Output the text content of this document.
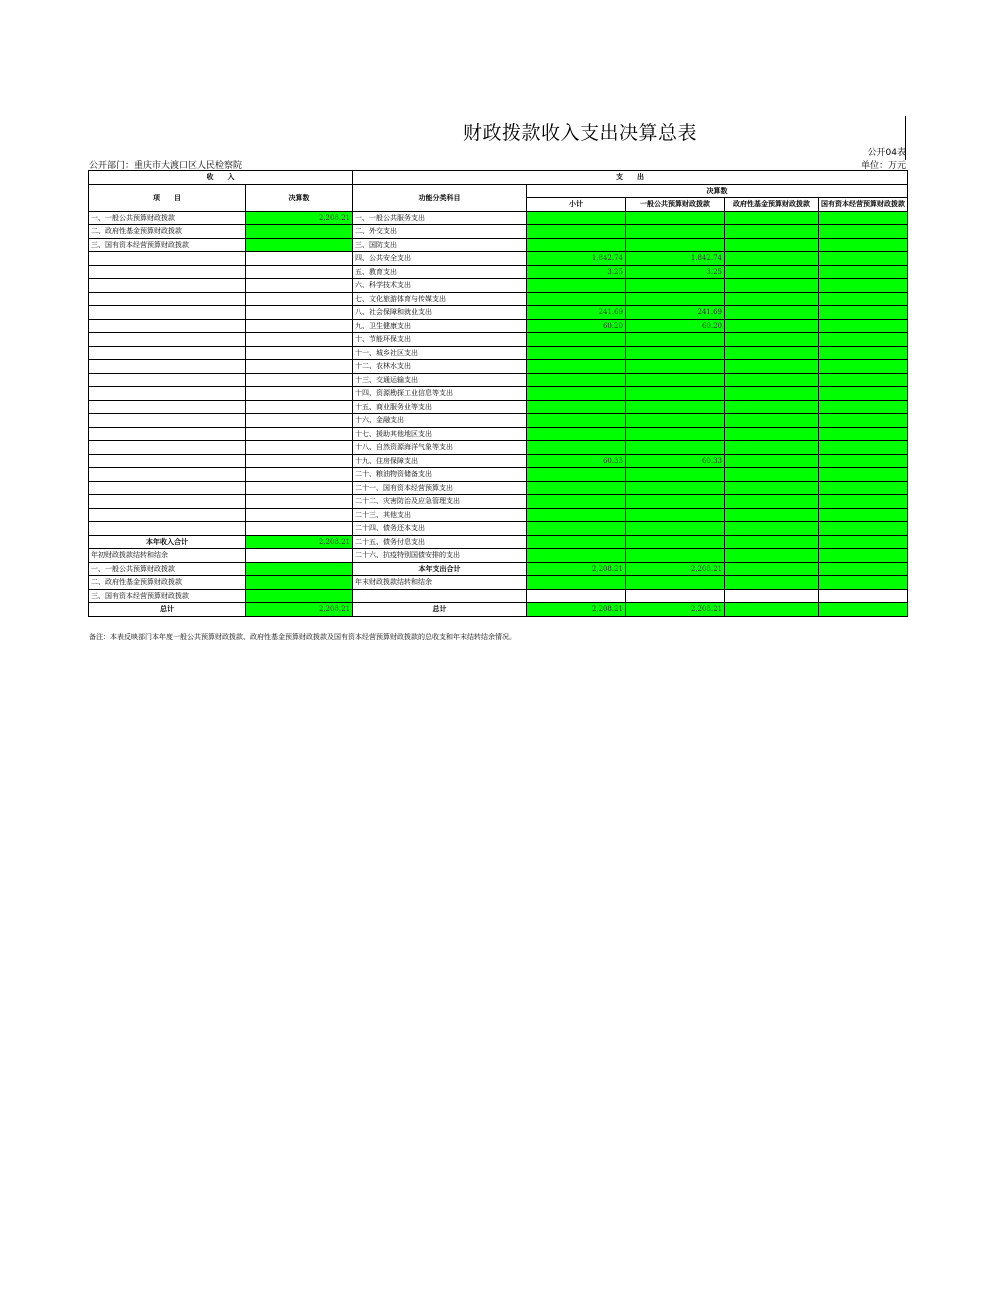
财政拨款收入支出决算总表
公开04表
公开部门：重庆市大渡口区人民检察院	单位：万元
收　　入		支　　出				
项　　目	决算数	功能分类科目	决算数			
			小计	一般公共预算财政拨款	政府性基金预算财政拨款	国有资本经营预算财政拨款
一、一般公共预算财政拨款	2,208.21	一、一般公共服务支出				
二、政府性基金预算财政拨款		二、外交支出				
三、国有资本经营预算财政拨款		三、国防支出				
		四、公共安全支出	1,842.74	1,842.74		
		五、教育支出	3.25	3.25		
		六、科学技术支出				
		七、文化旅游体育与传媒支出				
		八、社会保障和就业支出	241.69	241.69		
		九、卫生健康支出	60.20	60.20		
		十、节能环保支出				
		十一、城乡社区支出				
		十二、农林水支出				
		十三、交通运输支出				
		十四、资源勘探工业信息等支出				
		十五、商业服务业等支出				
		十六、金融支出				
		十七、援助其他地区支出				
		十八、自然资源海洋气象等支出				
		十九、住房保障支出	60.33	60.33		
		二十、粮油物资储备支出				
		二十一、国有资本经营预算支出				
		二十二、灾害防治及应急管理支出				
		二十三、其他支出				
		二十四、债务还本支出				
本年收入合计	2,208.21	二十五、债务付息支出				
年初财政拨款结转和结余		二十六、抗疫特别国债安排的支出				
一、一般公共预算财政拨款		本年支出合计	2,208.21	2,208.21		
二、政府性基金预算财政拨款		年末财政拨款结转和结余				
三、国有资本经营预算财政拨款						
总计	2,208.21	总计	2,208.21	2,208.21		
备注：本表反映部门本年度一般公共预算财政拨款、政府性基金预算财政拨款及国有资本经营预算财政拨款的总收支和年末结转结余情况。
